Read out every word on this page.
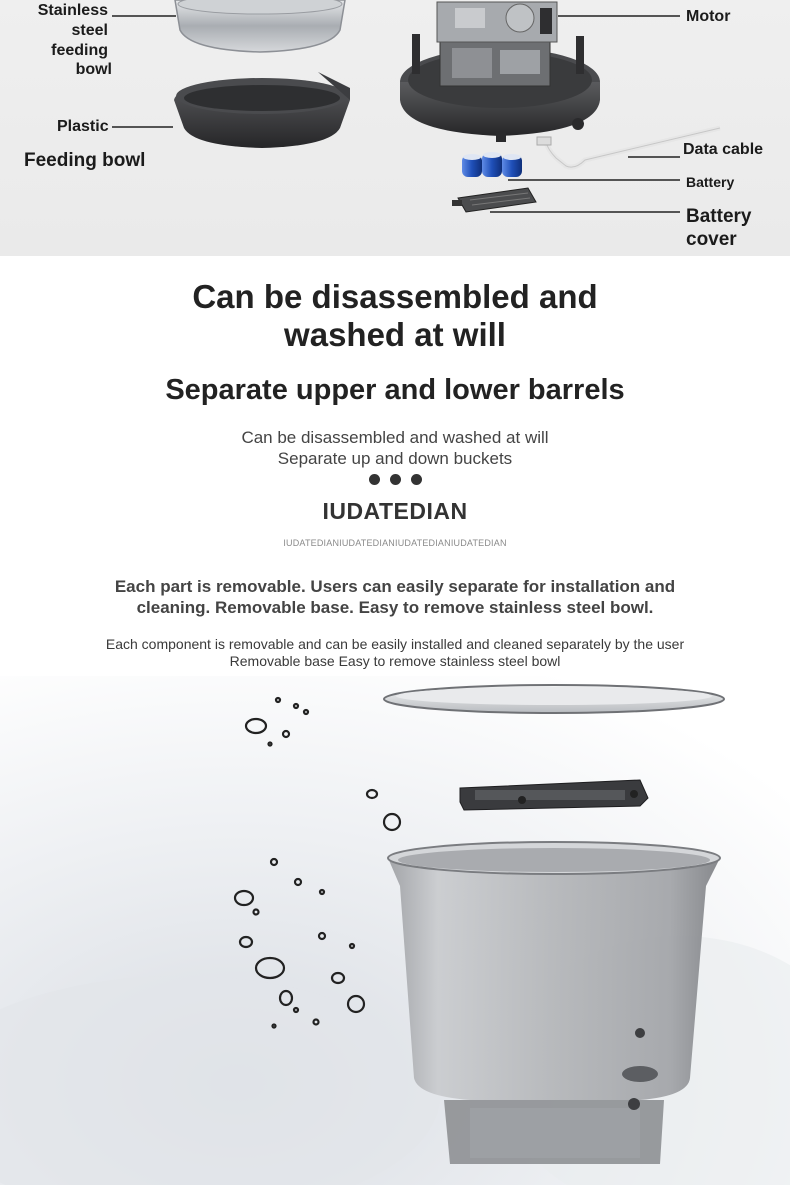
Stainless
steel
feeding
bowl
Plastic
Feeding bowl
Motor
Data cable
Battery
Battery
cover
Can be disassembled and
washed at will
Separate upper and lower barrels
Can be disassembled and washed at will
Separate up and down buckets
IUDATEDIAN
IUDATEDIANIUDATEDIANIUDATEDIANIUDATEDIAN
Each part is removable. Users can easily separate for installation and
cleaning. Removable base. Easy to remove stainless steel bowl.
Each component is removable and can be easily installed and cleaned separately by the user
Removable base Easy to remove stainless steel bowl
